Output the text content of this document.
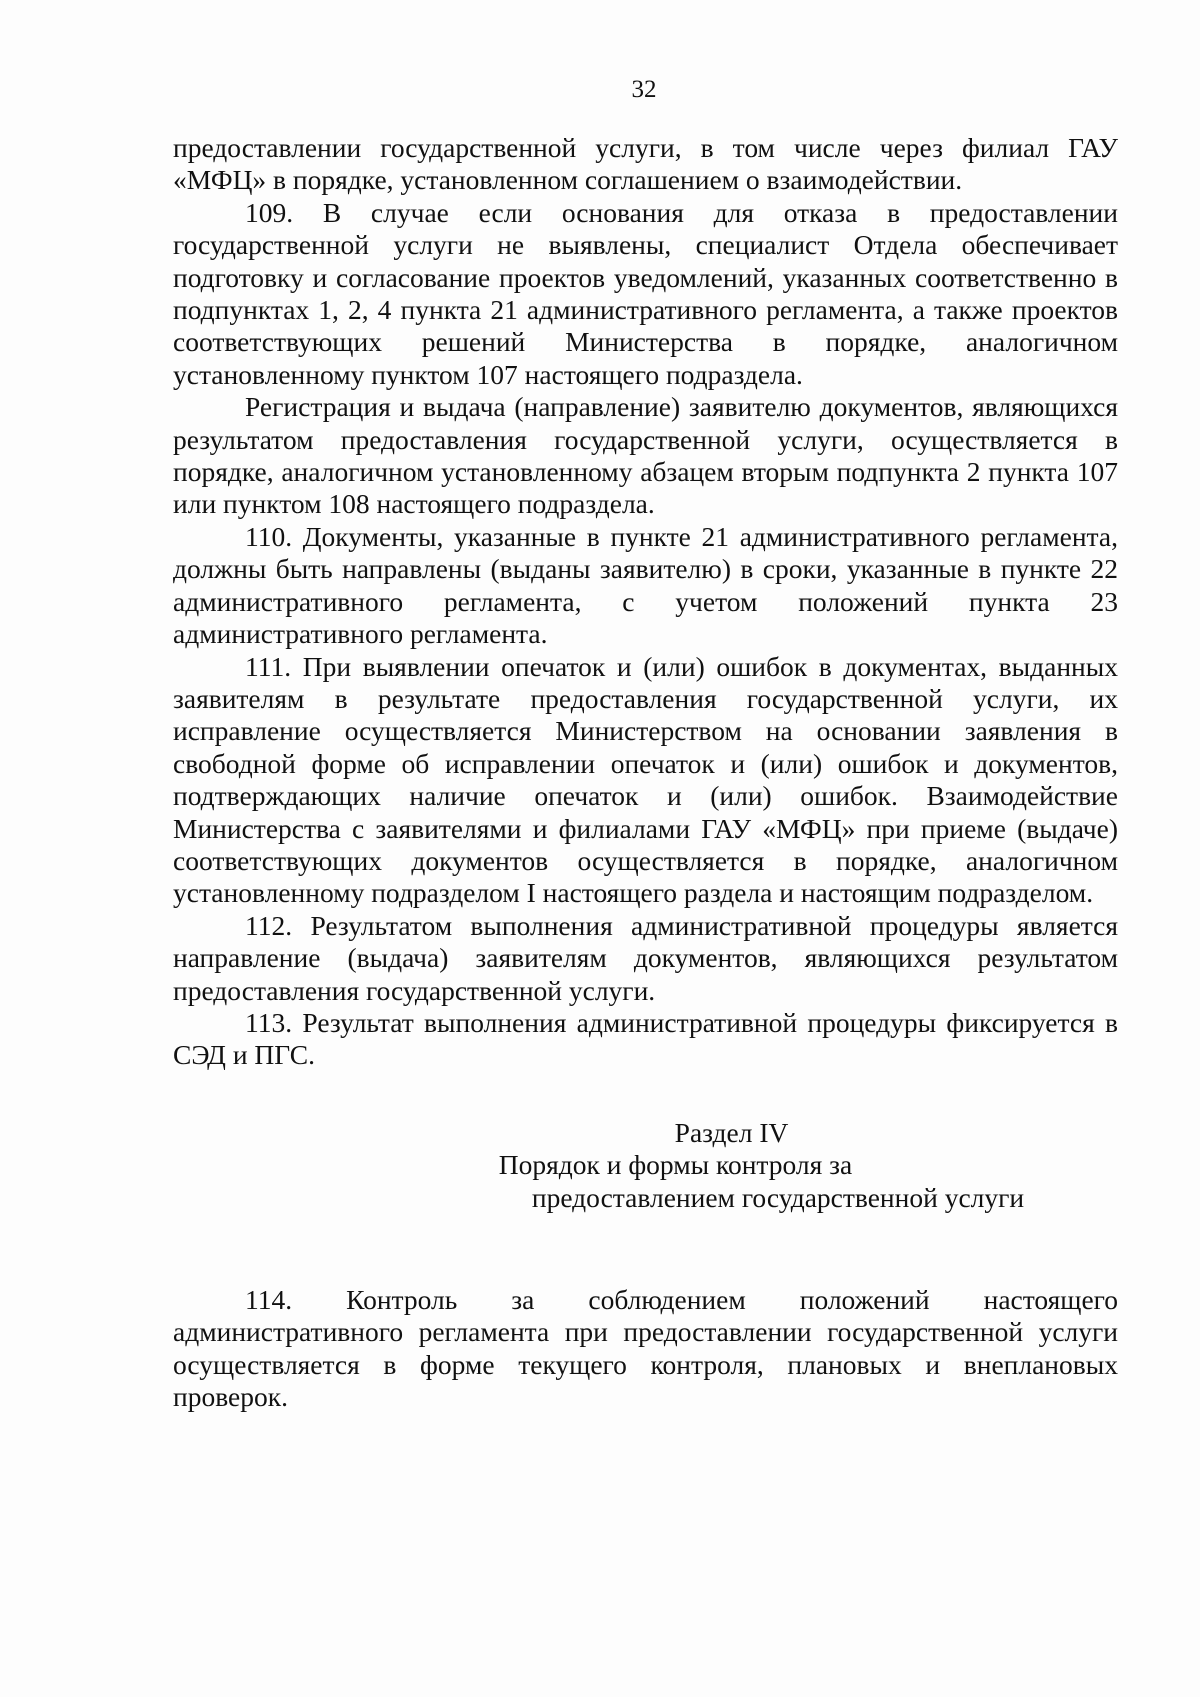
32

предоставлении государственной услуги, в том числе через филиал ГАУ «МФЦ» в порядке, установленном соглашением о взаимодействии.

109. В случае если основания для отказа в предоставлении государственной услуги не выявлены, специалист Отдела обеспечивает подготовку и согласование проектов уведомлений, указанных соответственно в подпунктах 1, 2, 4 пункта 21 административного регламента, а также проектов соответствующих решений Министерства в порядке, аналогичном установленному пунктом 107 настоящего подраздела.

Регистрация и выдача (направление) заявителю документов, являющихся результатом предоставления государственной услуги, осуществляется в порядке, аналогичном установленному абзацем вторым подпункта 2 пункта 107 или пунктом 108 настоящего подраздела.

110. Документы, указанные в пункте 21 административного регламента, должны быть направлены (выданы заявителю) в сроки, указанные в пункте 22 административного регламента, с учетом положений пункта 23 административного регламента.

111. При выявлении опечаток и (или) ошибок в документах, выданных заявителям в результате предоставления государственной услуги, их исправление осуществляется Министерством на основании заявления в свободной форме об исправлении опечаток и (или) ошибок и документов, подтверждающих наличие опечаток и (или) ошибок. Взаимодействие Министерства с заявителями и филиалами ГАУ «МФЦ» при приеме (выдаче) соответствующих документов осуществляется в порядке, аналогичном установленному подразделом I настоящего раздела и настоящим подразделом.

112. Результатом выполнения административной процедуры является направление (выдача) заявителям документов, являющихся результатом предоставления государственной услуги.

113. Результат выполнения административной процедуры фиксируется в СЭД и ПГС.

Раздел IV
Порядок и формы контроля за
предоставлением государственной услуги

114. Контроль за соблюдением положений настоящего административного регламента при предоставлении государственной услуги осуществляется в форме текущего контроля, плановых и внеплановых проверок.
